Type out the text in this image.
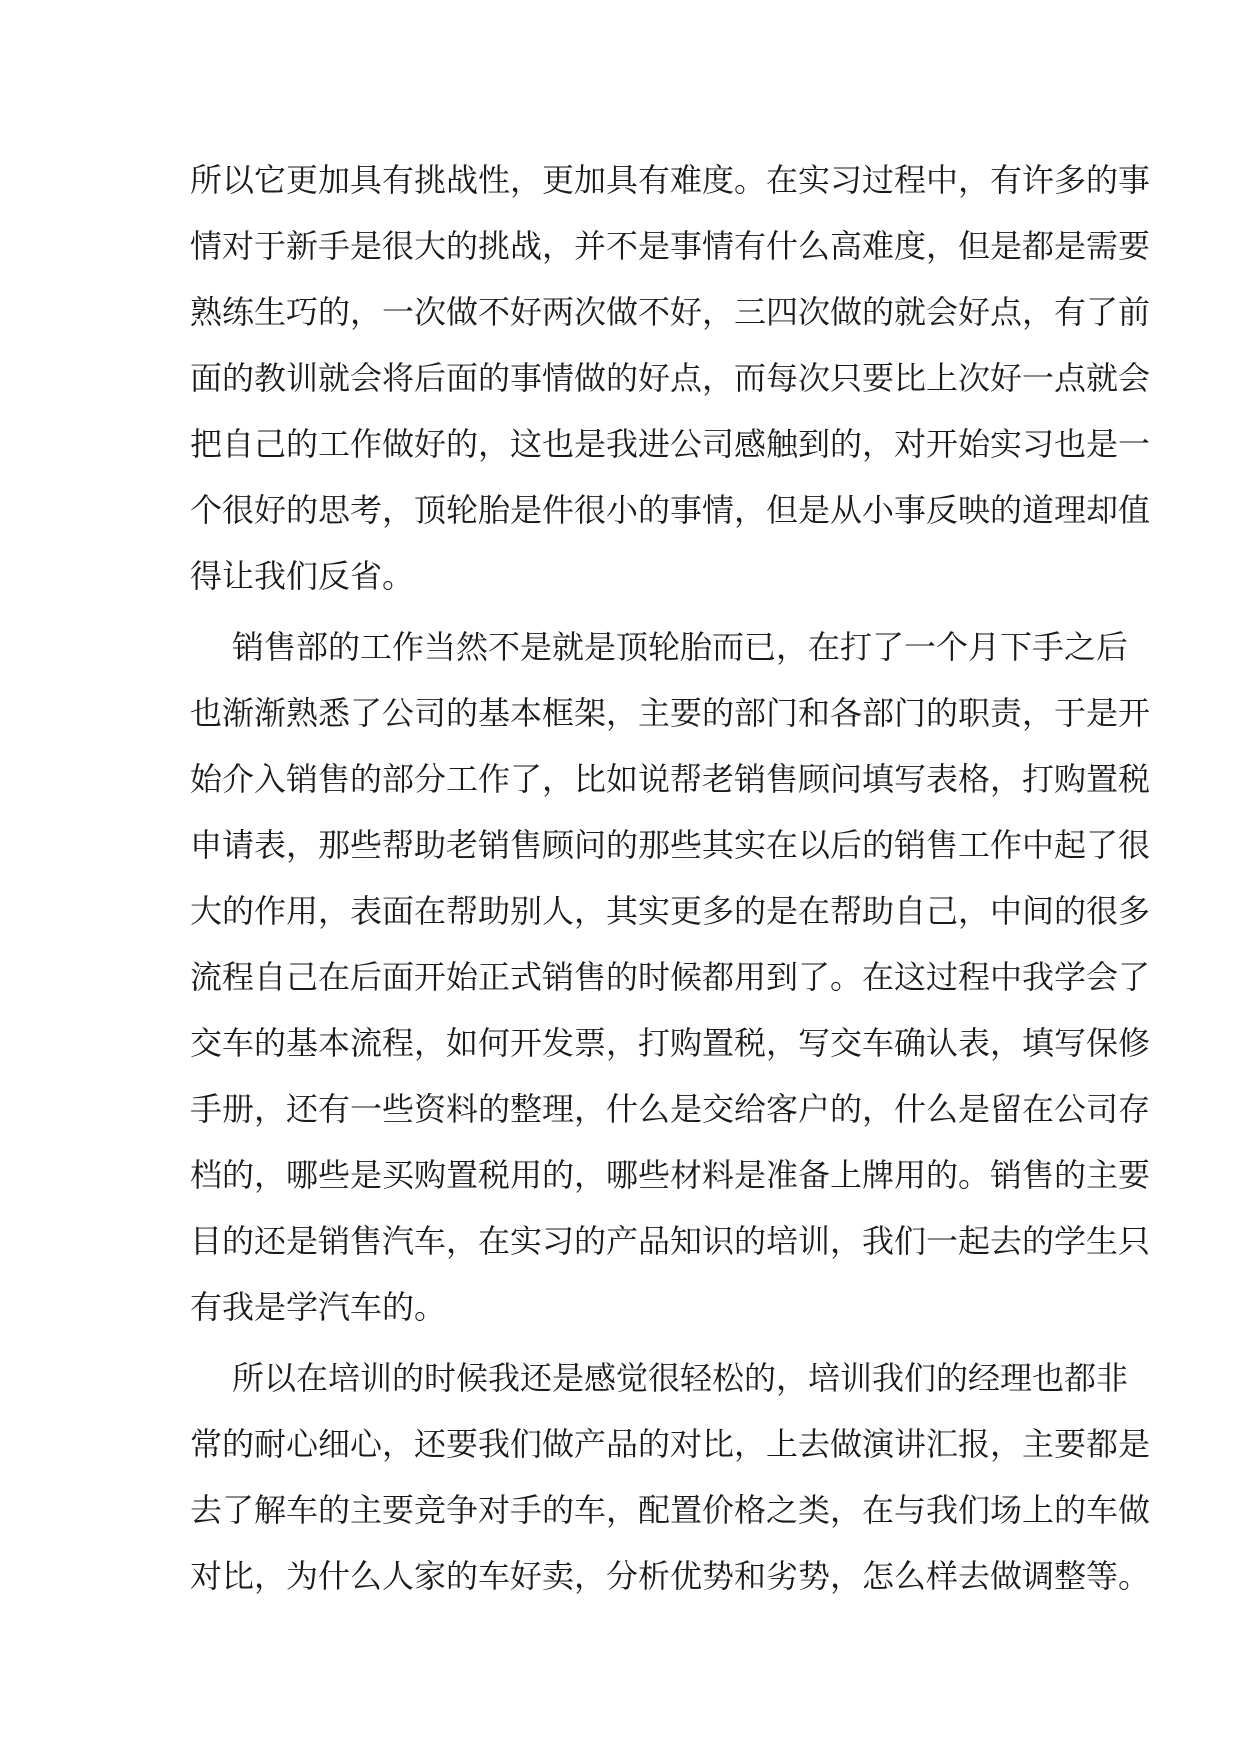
所以它更加具有挑战性，更加具有难度。在实习过程中，有许多的事
情对于新手是很大的挑战，并不是事情有什么高难度，但是都是需要
熟练生巧的，一次做不好两次做不好，三四次做的就会好点，有了前
面的教训就会将后面的事情做的好点，而每次只要比上次好一点就会
把自己的工作做好的，这也是我进公司感触到的，对开始实习也是一
个很好的思考，顶轮胎是件很小的事情，但是从小事反映的道理却值
得让我们反省。
销售部的工作当然不是就是顶轮胎而已，在打了一个月下手之后
也渐渐熟悉了公司的基本框架，主要的部门和各部门的职责，于是开
始介入销售的部分工作了，比如说帮老销售顾问填写表格，打购置税
申请表，那些帮助老销售顾问的那些其实在以后的销售工作中起了很
大的作用，表面在帮助别人，其实更多的是在帮助自己，中间的很多
流程自己在后面开始正式销售的时候都用到了。在这过程中我学会了
交车的基本流程，如何开发票，打购置税，写交车确认表，填写保修
手册，还有一些资料的整理，什么是交给客户的，什么是留在公司存
档的，哪些是买购置税用的，哪些材料是准备上牌用的。销售的主要
目的还是销售汽车，在实习的产品知识的培训，我们一起去的学生只
有我是学汽车的。
所以在培训的时候我还是感觉很轻松的，培训我们的经理也都非
常的耐心细心，还要我们做产品的对比，上去做演讲汇报，主要都是
去了解车的主要竞争对手的车，配置价格之类，在与我们场上的车做
对比，为什么人家的车好卖，分析优势和劣势，怎么样去做调整等。
